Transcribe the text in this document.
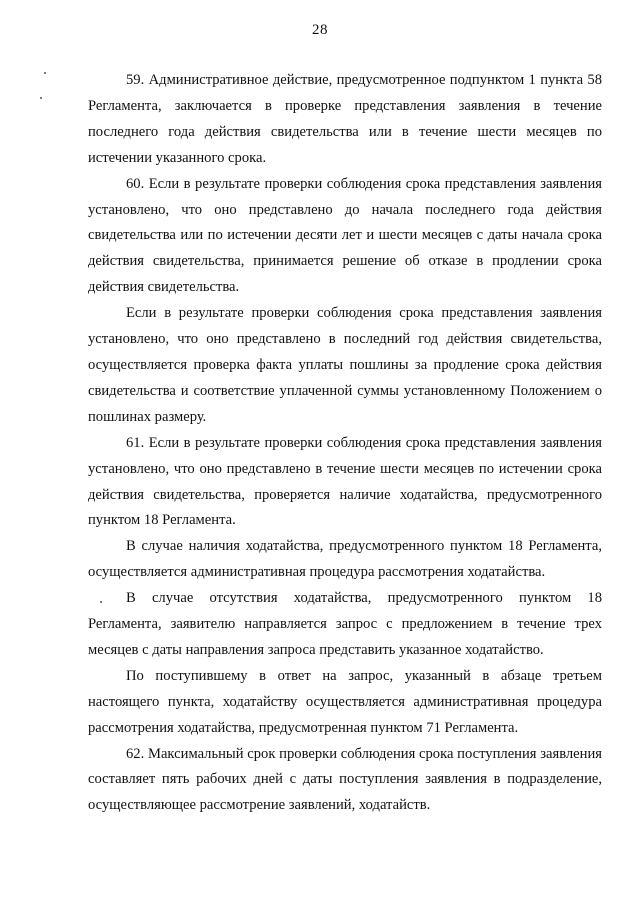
28

59. Административное действие, предусмотренное подпунктом 1 пункта 58 Регламента, заключается в проверке представления заявления в течение последнего года действия свидетельства или в течение шести месяцев по истечении указанного срока.

60. Если в результате проверки соблюдения срока представления заявления установлено, что оно представлено до начала последнего года действия свидетельства или по истечении десяти лет и шести месяцев с даты начала срока действия свидетельства, принимается решение об отказе в продлении срока действия свидетельства.

Если в результате проверки соблюдения срока представления заявления установлено, что оно представлено в последний год действия свидетельства, осуществляется проверка факта уплаты пошлины за продление срока действия свидетельства и соответствие уплаченной суммы установленному Положением о пошлинах размеру.

61. Если в результате проверки соблюдения срока представления заявления установлено, что оно представлено в течение шести месяцев по истечении срока действия свидетельства, проверяется наличие ходатайства, предусмотренного пунктом 18 Регламента.

В случае наличия ходатайства, предусмотренного пунктом 18 Регламента, осуществляется административная процедура рассмотрения ходатайства.

В случае отсутствия ходатайства, предусмотренного пунктом 18 Регламента, заявителю направляется запрос с предложением в течение трех месяцев с даты направления запроса представить указанное ходатайство.

По поступившему в ответ на запрос, указанный в абзаце третьем настоящего пункта, ходатайству осуществляется административная процедура рассмотрения ходатайства, предусмотренная пунктом 71 Регламента.

62. Максимальный срок проверки соблюдения срока поступления заявления составляет пять рабочих дней с даты поступления заявления в подразделение, осуществляющее рассмотрение заявлений, ходатайств.
